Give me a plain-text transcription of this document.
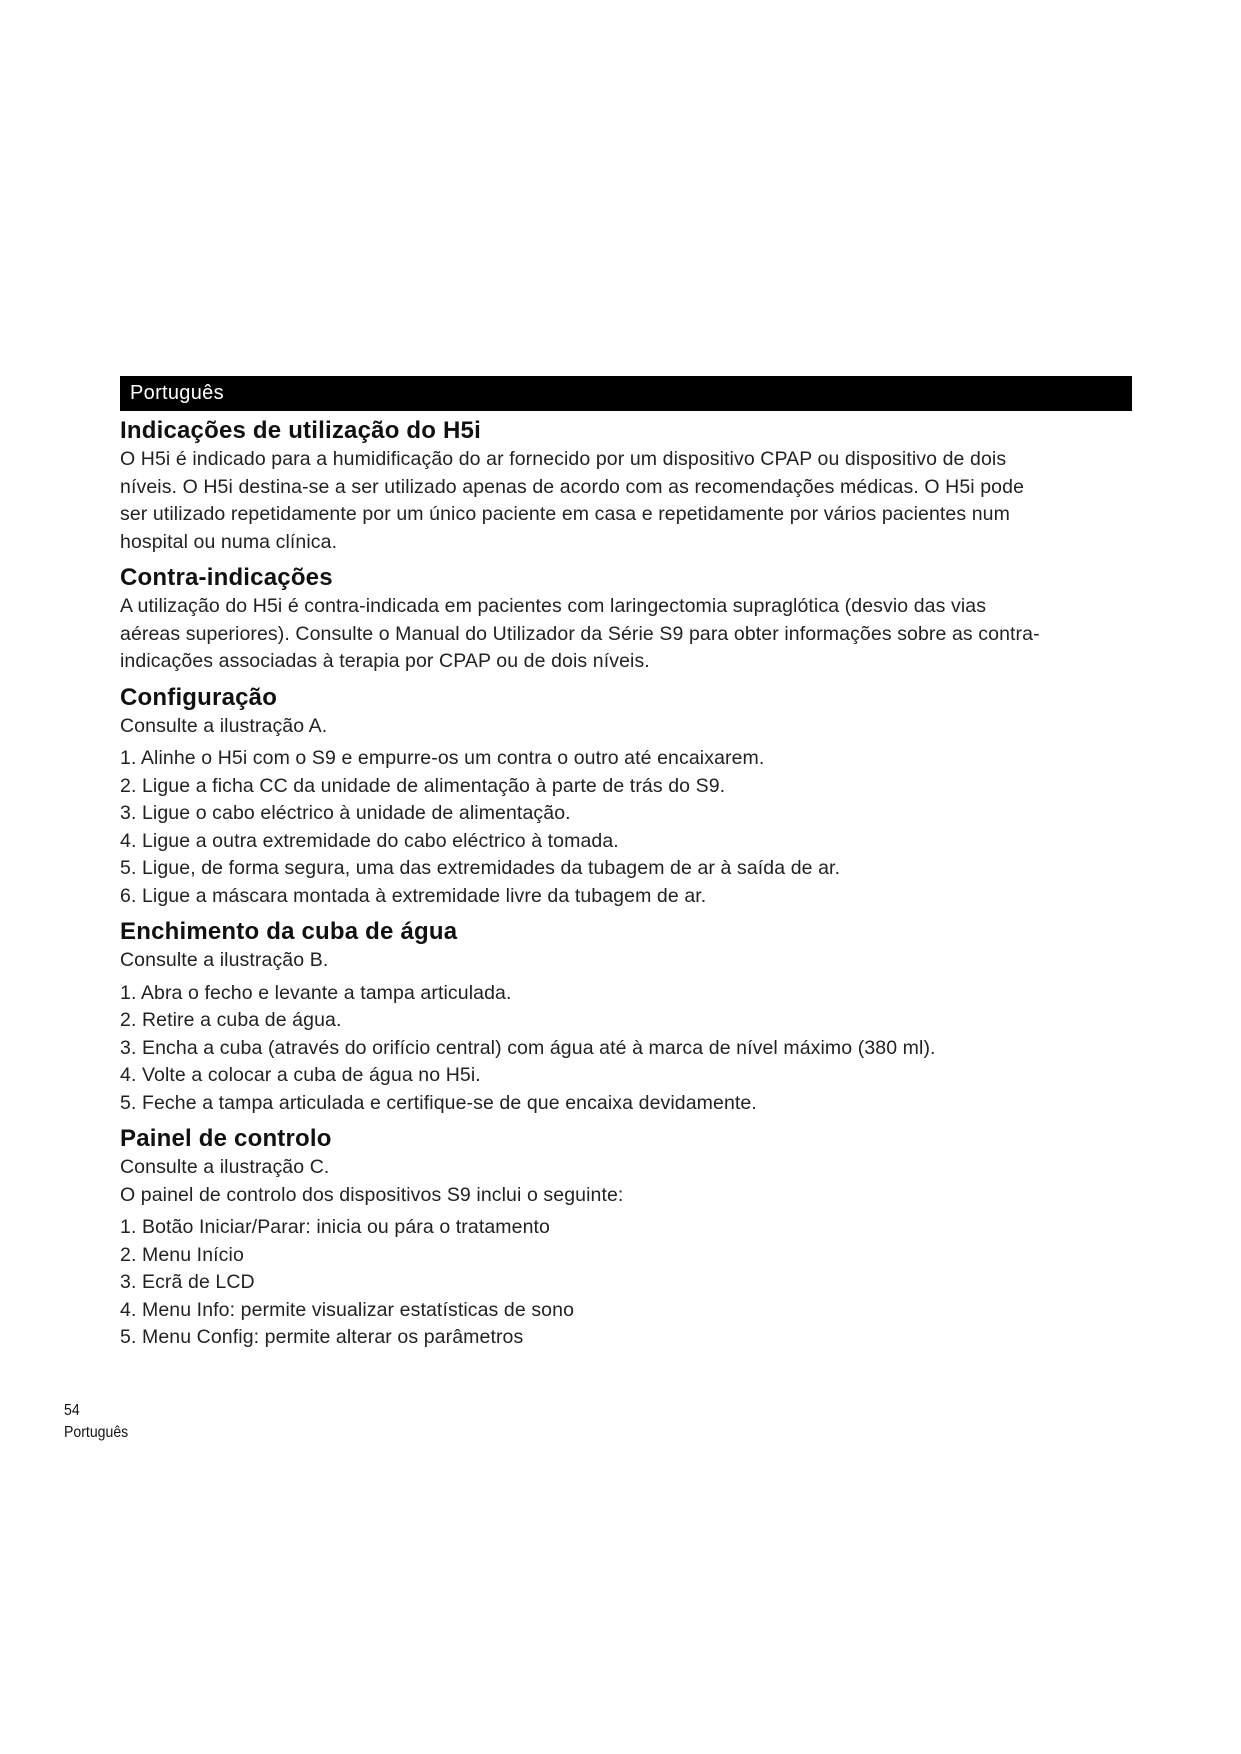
Português
Indicações de utilização do H5i

O H5i é indicado para a humidificação do ar fornecido por um dispositivo CPAP ou dispositivo de dois

níveis. O H5i destina-se a ser utilizado apenas de acordo com as recomendações médicas. O H5i pode

ser utilizado repetidamente por um único paciente em casa e repetidamente por vários pacientes num

hospital ou numa clínica.

Contra-indicações

A utilização do H5i é contra-indicada em pacientes com laringectomia supraglótica (desvio das vias

aéreas superiores). Consulte o Manual do Utilizador da Série S9 para obter informações sobre as contra-

indicações associadas à terapia por CPAP ou de dois níveis.

Configuração

Consulte a ilustração A.

1. Alinhe o H5i com o S9 e empurre-os um contra o outro até encaixarem.
2. Ligue a ficha CC da unidade de alimentação à parte de trás do S9.
3. Ligue o cabo eléctrico à unidade de alimentação.
4. Ligue a outra extremidade do cabo eléctrico à tomada.
5. Ligue, de forma segura, uma das extremidades da tubagem de ar à saída de ar.
6. Ligue a máscara montada à extremidade livre da tubagem de ar.
Enchimento da cuba de água

Consulte a ilustração B.

1. Abra o fecho e levante a tampa articulada.
2. Retire a cuba de água.
3. Encha a cuba (através do orifício central) com água até à marca de nível máximo (380 ml).
4. Volte a colocar a cuba de água no H5i.
5. Feche a tampa articulada e certifique-se de que encaixa devidamente.
Painel de controlo

Consulte a ilustração C.

O painel de controlo dos dispositivos S9 inclui o seguinte:

1. Botão Iniciar/Parar: inicia ou pára o tratamento
2. Menu Início
3. Ecrã de LCD
4. Menu Info: permite visualizar estatísticas de sono
5. Menu Config: permite alterar os parâmetros
54
Português
